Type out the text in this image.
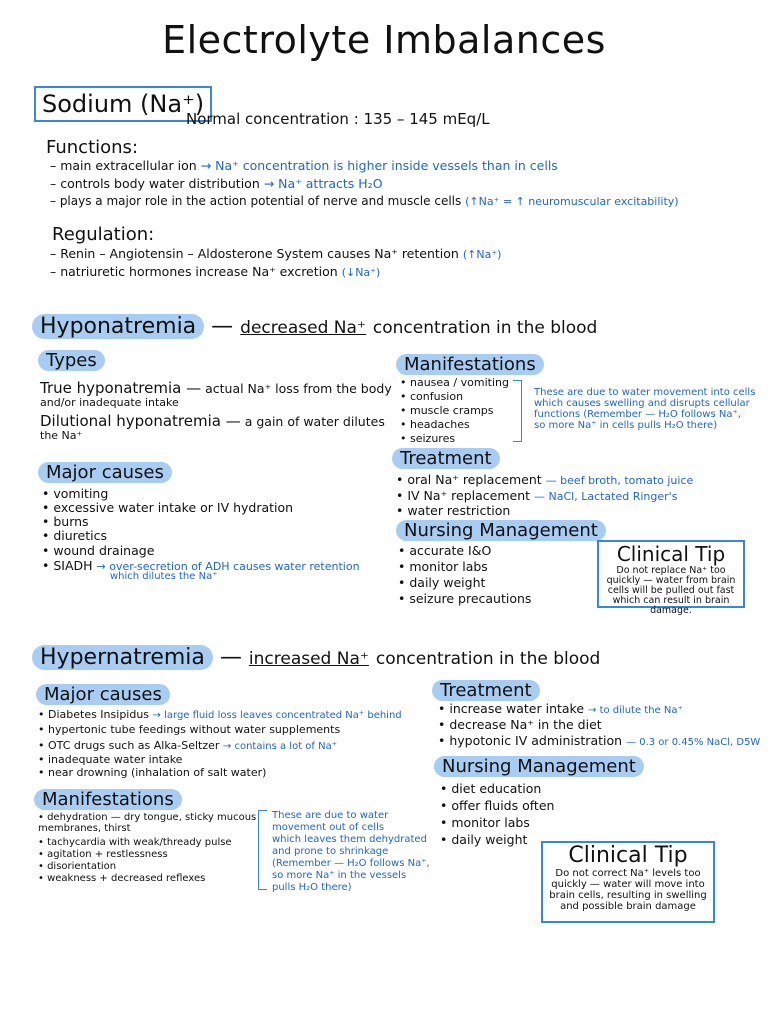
Electrolyte Imbalances
Sodium (Na⁺)
Normal concentration : 135 – 145 mEq/L
Functions:
– main extracellular ion → Na⁺ concentration is higher inside vessels than in cells
– controls body water distribution → Na⁺ attracts H₂O
– plays a major role in the action potential of nerve and muscle cells (↑Na⁺ = ↑ neuromuscular excitability)
Regulation:
– Renin – Angiotensin – Aldosterone System causes Na⁺ retention (↑Na⁺)
– natriuretic hormones increase Na⁺ excretion (↓Na⁺)
Hyponatremia — decreased Na⁺ concentration in the blood
Types
True hyponatremia — actual Na⁺ loss from the body
and/or inadequate intake
Dilutional hyponatremia — a gain of water dilutes
the Na⁺
Major causes
• vomiting
• excessive water intake or IV hydration
• burns
• diuretics
• wound drainage
• SIADH → over-secretion of ADH causes water retention
which dilutes the Na⁺
Manifestations
• nausea / vomiting
• confusion
• muscle cramps
• headaches
• seizures
These are due to water movement into cells
which causes swelling and disrupts cellular
functions (Remember — H₂O follows Na⁺,
so more Na⁺ in cells pulls H₂O there)
Treatment
• oral Na⁺ replacement — beef broth, tomato juice
• IV Na⁺ replacement — NaCl, Lactated Ringer's
• water restriction
Nursing Management
• accurate I&O
• monitor labs
• daily weight
• seizure precautions
Clinical Tip
Do not replace Na⁺ too
quickly — water from brain
cells will be pulled out fast
which can result in brain damage.
Hypernatremia — increased Na⁺ concentration in the blood
Major causes
• Diabetes Insipidus → large fluid loss leaves concentrated Na⁺ behind
• hypertonic tube feedings without water supplements
• OTC drugs such as Alka-Seltzer → contains a lot of Na⁺
• inadequate water intake
• near drowning (inhalation of salt water)
Manifestations
• dehydration — dry tongue, sticky mucous
membranes, thirst
• tachycardia with weak/thready pulse
• agitation + restlessness
• disorientation
• weakness + decreased reflexes
These are due to water
movement out of cells
which leaves them dehydrated
and prone to shrinkage
(Remember — H₂O follows Na⁺,
so more Na⁺ in the vessels
pulls H₂O there)
Treatment
• increase water intake → to dilute the Na⁺
• decrease Na⁺ in the diet
• hypotonic IV administration — 0.3 or 0.45% NaCl, D5W
Nursing Management
• diet education
• offer fluids often
• monitor labs
• daily weight
Clinical Tip
Do not correct Na⁺ levels too
quickly — water will move into
brain cells, resulting in swelling
and possible brain damage
